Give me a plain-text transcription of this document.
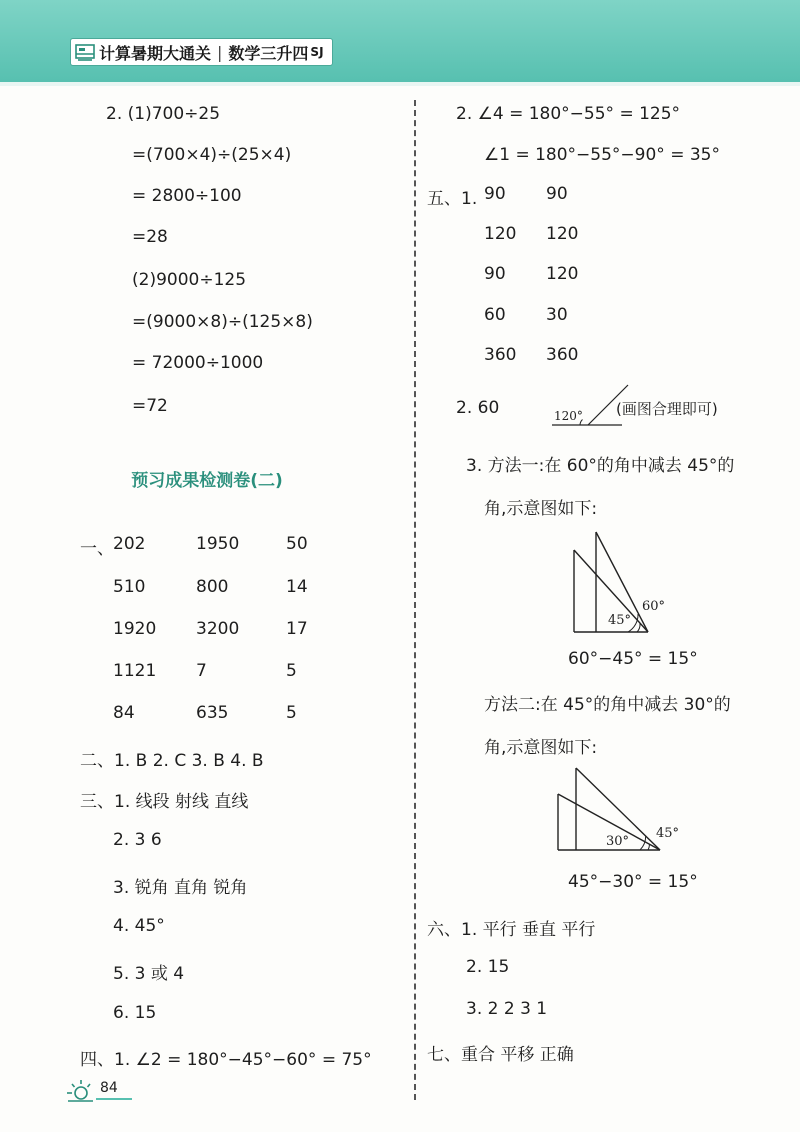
计算暑期大通关 | 数学三升四 SJ
2. (1)700÷25
=(700×4)÷(25×4)
= 2800÷100
=28
(2)9000÷125
=(9000×8)÷(125×8)
= 72000÷1000
=72
预习成果检测卷(二)
一、 202	1950	50
510	800	14
1920 3200	17
1121 7	5
84	635	5
二、1. B 2. C 3. B 4. B
三、1. 线段 射线 直线
2. 3 6
3. 锐角 直角 锐角
4. 45°
5. 3 或 4
6. 15
四、1. ∠2 = 180°−45°−60° = 75°
2. ∠4 = 180°−55° = 125°
∠1 = 180°−55°−90° = 35°
五、1. 90 90
120 120
90 120
60 30
360 360
2. 60	120° (画图合理即可)
3. 方法一:在 60°的角中减去 45°的
角,示意图如下:
45°
60°
60°−45° = 15°
方法二:在 45°的角中减去 30°的
角,示意图如下:
30°
45°
45°−30° = 15°
六、1. 平行 垂直 平行
2. 15
3. 2 2 3 1
七、重合 平移 正确
84
